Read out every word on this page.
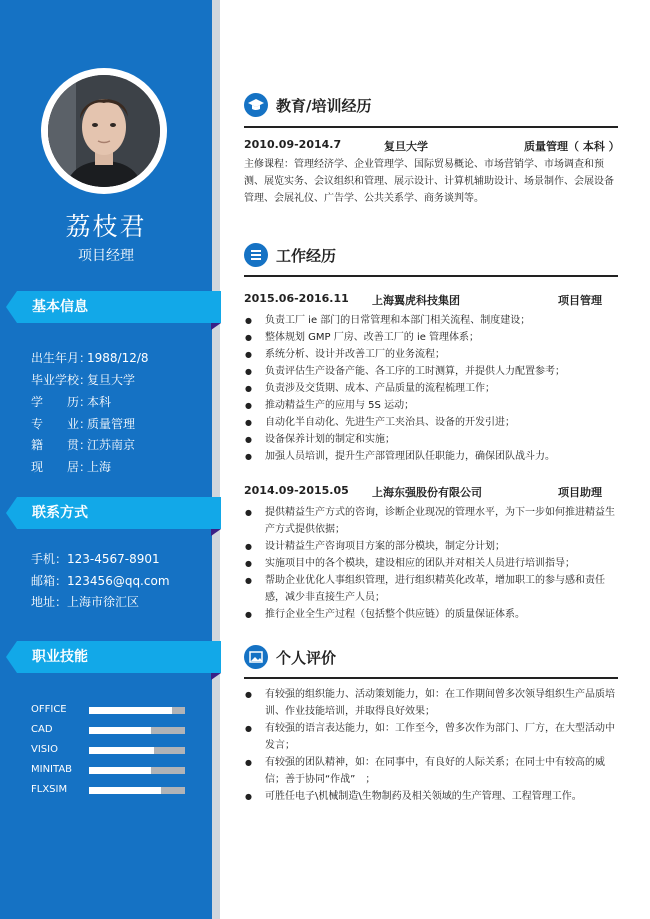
荔枝君
项目经理
基本信息
出生年月：1988/12/8
毕业学校：复旦大学
学　　历：本科
专　　业：质量管理
籍　　贯：江苏南京
现　　居：上海
联系方式
手机：123-4567-8901
邮箱：123456@qq.com
地址：上海市徐汇区
职业技能
OFFICE
CAD
VISIO
MINITAB
FLXSIM
教育/培训经历
2010.09-2014.7	复旦大学	质量管理（ 本科 ）
主修课程：管理经济学、企业管理学、国际贸易概论、市场营销学、市场调查和预测、展览实务、会议组织和管理、展示设计、计算机辅助设计、场景制作、会展设备管理、会展礼仪、广告学、公共关系学、商务谈判等。
工作经历
2015.06-2016.11 上海翼虎科技集团	项目管理
● 负责工厂 ie 部门的日常管理和本部门相关流程、制度建设；
● 整体规划 GMP 厂房、改善工厂的 ie 管理体系；
● 系统分析、设计并改善工厂的业务流程；
● 负责评估生产设备产能、各工序的工时测算，并提供人力配置参考；
● 负责涉及交货期、成本、产品质量的流程梳理工作；
● 推动精益生产的应用与 5S 运动；
● 自动化半自动化、先进生产工夹治具、设备的开发引进；
● 设备保养计划的制定和实施；
● 加强人员培训，提升生产部管理团队任职能力，确保团队战斗力。
2014.09-2015.05 上海东强股份有限公司	项目助理
● 提供精益生产方式的咨询，诊断企业现况的管理水平，为下一步如何推进精益生产方式提供依据；
● 设计精益生产咨询项目方案的部分模块，制定分计划；
● 实施项目中的各个模块，建设相应的团队并对相关人员进行培训指导；
● 帮助企业优化人事组织管理，进行组织精英化改革，增加职工的参与感和责任感，减少非直接生产人员；
● 推行企业全生产过程（包括整个供应链）的质量保证体系。
个人评价
● 有较强的组织能力、活动策划能力，如：在工作期间曾多次领导组织生产品质培训、作业技能培训，并取得良好效果；
● 有较强的语言表达能力，如：工作至今，曾多次作为部门、厂方，在大型活动中发言；
● 有较强的团队精神，如：在同事中，有良好的人际关系；在同士中有较高的威信；善于协同“作战”　；
● 可胜任电子\机械制造\生物制药及相关领域的生产管理、工程管理工作。
